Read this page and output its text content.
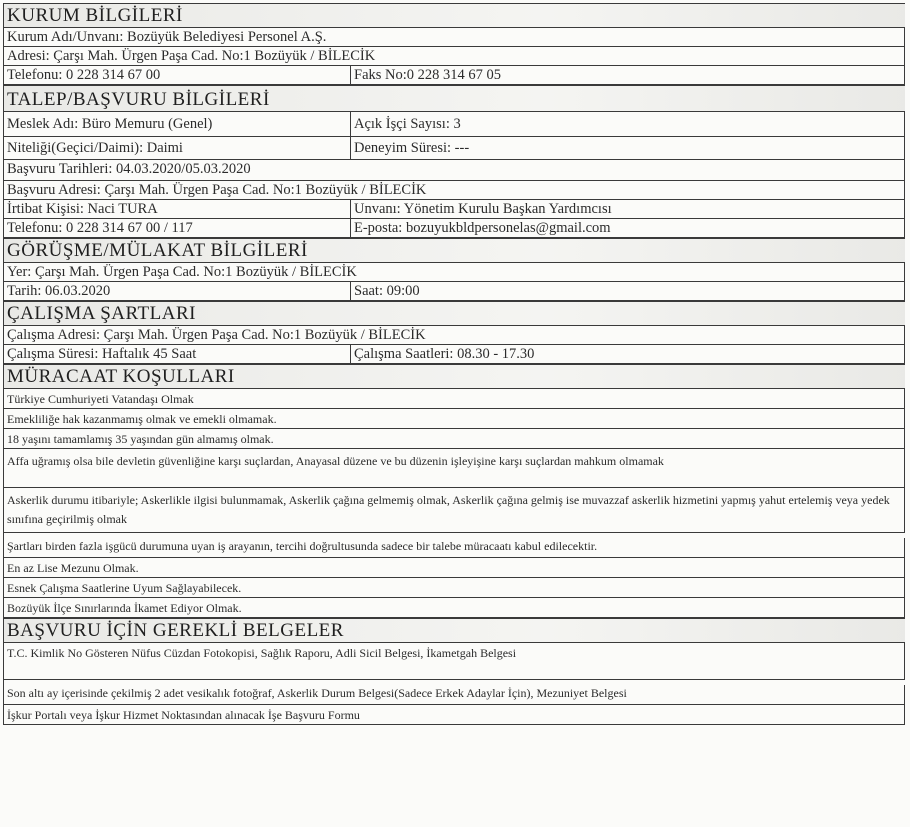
KURUM BİLGİLERİ
Kurum Adı/Unvanı: Bozüyük Belediyesi Personel A.Ş.
Adresi: Çarşı Mah. Ürgen Paşa Cad. No:1 Bozüyük / BİLECİK
Telefonu: 0 228 314 67 00	Faks No:0 228 314 67 05
TALEP/BAŞVURU BİLGİLERİ
Meslek Adı: Büro Memuru (Genel)	Açık İşçi Sayısı: 3
Niteliği(Geçici/Daimi): Daimi	Deneyim Süresi: ---
Başvuru Tarihleri: 04.03.2020/05.03.2020
Başvuru Adresi: Çarşı Mah. Ürgen Paşa Cad. No:1 Bozüyük / BİLECİK
İrtibat Kişisi: Naci TURA	Unvanı: Yönetim Kurulu Başkan Yardımcısı
Telefonu: 0 228 314 67 00 / 117	E-posta: bozuyukbldpersonelas@gmail.com
GÖRÜŞME/MÜLAKAT BİLGİLERİ
Yer: Çarşı Mah. Ürgen Paşa Cad. No:1 Bozüyük / BİLECİK
Tarih: 06.03.2020	Saat: 09:00
ÇALIŞMA ŞARTLARI
Çalışma Adresi: Çarşı Mah. Ürgen Paşa Cad. No:1 Bozüyük / BİLECİK
Çalışma Süresi: Haftalık 45 Saat	Çalışma Saatleri: 08.30 - 17.30
MÜRACAAT KOŞULLARI
Türkiye Cumhuriyeti Vatandaşı Olmak
Emekliliğe hak kazanmamış olmak ve emekli olmamak.
18 yaşını tamamlamış 35 yaşından gün almamış olmak.
Affa uğramış olsa bile devletin güvenliğine karşı suçlardan, Anayasal düzene ve bu düzenin işleyişine karşı suçlardan mahkum olmamak
Askerlik durumu itibariyle; Askerlikle ilgisi bulunmamak, Askerlik çağına gelmemiş olmak, Askerlik çağına gelmiş ise muvazzaf askerlik hizmetini yapmış yahut ertelemiş veya yedek sınıfına geçirilmiş olmak
Şartları birden fazla işgücü durumuna uyan iş arayanın, tercihi doğrultusunda sadece bir talebe müracaatı kabul edilecektir.
En az Lise Mezunu Olmak.
Esnek Çalışma Saatlerine Uyum Sağlayabilecek.
Bozüyük İlçe Sınırlarında İkamet Ediyor Olmak.
BAŞVURU İÇİN GEREKLİ BELGELER
T.C. Kimlik No Gösteren Nüfus Cüzdan Fotokopisi, Sağlık Raporu, Adli Sicil Belgesi, İkametgah Belgesi
Son altı ay içerisinde çekilmiş 2 adet vesikalık fotoğraf, Askerlik Durum Belgesi(Sadece Erkek Adaylar İçin), Mezuniyet Belgesi
İşkur Portalı veya İşkur Hizmet Noktasından alınacak İşe Başvuru Formu
